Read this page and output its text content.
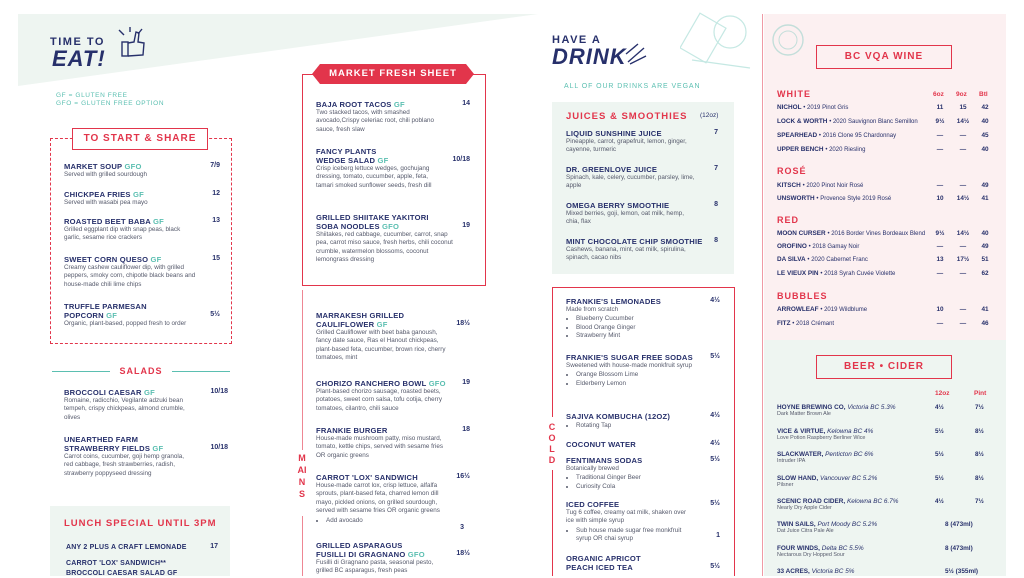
TIME TO
EAT!
GF = GLUTEN FREE
GFO = GLUTEN FREE OPTION
TO START & SHARE
MARKET SOUP GFO
Served with grilled sourdough
7/9
CHICKPEA FRIES GF
Served with wasabi pea mayo
12
ROASTED BEET BABA GF
Grilled eggplant dip with snap peas, black garlic, sesame rice crackers
13
SWEET CORN QUESO GF
Creamy cashew cauliflower dip, with grilled peppers, smoky corn, chipotle black beans and house-made chili lime chips
15
TRUFFLE PARMESAN
POPCORN GF
Organic, plant-based, popped fresh to order
5½
SALADS
BROCCOLI CAESAR GF
Romaine, radicchio, Vegilante adzuki bean tempeh, crispy chickpeas, almond crumble, olives
10/18
UNEARTHED FARM
STRAWBERRY FIELDS GF
Carrot coins, cucumber, goji hemp granola, red cabbage, fresh strawberries, radish, strawberry poppyseed dressing
10/18
LUNCH SPECIAL UNTIL 3PM
ANY 2 PLUS A CRAFT LEMONADE	17
CARROT 'LOX' SANDWICH**
BROCCOLI CAESAR SALAD GF
MARKET FRESH SHEET
BAJA ROOT TACOS GF
Two stacked tacos, with smashed avocado,Crispy celeriac root, chili poblano sauce, fresh slaw
14
FANCY PLANTS
WEDGE SALAD GF
Crisp iceberg lettuce wedges, gochujang dressing, tomato, cucumber, apple, feta, tamari smoked sunflower seeds, fresh dill
10/18
GRILLED SHIITAKE YAKITORI
SOBA NOODLES GFO
Shiitakes, red cabbage, cucumber, carrot, snap pea, carrot miso sauce, fresh herbs, chili coconut crumble, watermelon blossoms, coconut lemongrass dressing
19
MAINS
MARRAKESH GRILLED
CAULIFLOWER GF
Grilled Cauliflower with beet baba ganoush, fancy date sauce, Ras el Hanout chickpeas, plant-based feta, cucumber, brown rice, cherry tomatoes, mint
18½
CHORIZO RANCHERO BOWL GFO
Plant-based chorizo sausage, roasted beets, potatoes, sweet corn salsa, tofu cotija, cherry tomatoes, cilantro, chili sauce
19
FRANKIE BURGER
House-made mushroom patty, miso mustard, tomato, kettle chips, served with sesame fries OR organic greens
18
CARROT 'LOX' SANDWICH
House-made carrot lox, crisp lettuce, alfalfa sprouts, plant-based feta, charred lemon dill mayo, pickled onions, on grilled sourdough, served with sesame fries OR organic greens
• Add avocado
16½
3
GRILLED ASPARAGUS
FUSILLI DI GRAGNANO GFO
Fusilli di Gragnano pasta, seasonal pesto, grilled BC asparagus, fresh peas
18½
HAVE A
DRINK
ALL OF OUR DRINKS ARE VEGAN
JUICES & SMOOTHIES (12oz)
LIQUID SUNSHINE JUICE
Pineapple, carrot, grapefruit, lemon, ginger, cayenne, turmeric
7
DR. GREENLOVE JUICE
Spinach, kale, celery, cucumber, parsley, lime, apple
7
OMEGA BERRY SMOOTHIE
Mixed berries, goji, lemon, oat milk, hemp, chia, flax
8
MINT CHOCOLATE CHIP SMOOTHIE
Cashews, banana, mint, oat milk, spirulina, spinach, cacao nibs
8
COLD
FRANKIE'S LEMONADES
Made from scratch
• Blueberry Cucumber
• Blood Orange Ginger
• Strawberry Mint
4½
FRANKIE'S SUGAR FREE SODAS
Sweetened with house-made monkfruit syrup
• Orange Blossom Lime
• Elderberry Lemon
5½
SAJIVA KOMBUCHA (12OZ)
• Rotating Tap
4½
COCONUT WATER	4½
FENTIMANS SODAS
Botanically brewed
• Traditional Ginger Beer
• Curiosity Cola
5½
ICED COFFEE
Tug 6 coffee, creamy oat milk, shaken over ice with simple syrup
• Sub house made sugar free monkfruit syrup OR chai syrup
5½
1
ORGANIC APRICOT
PEACH ICED TEA	5½
BC VQA WINE
6oz 9oz Btl
WHITE
NICHOL • 2019 Pinot Gris	11	15	42
LOCK & WORTH • 2020 Sauvignon Blanc Semillon	9½	14½	40
SPEARHEAD • 2016 Clone 95 Chardonnay	—	—	45
UPPER BENCH • 2020 Riesling	—	—	40
ROSÉ
KITSCH • 2020 Pinot Noir Rosé	—	—	49
UNSWORTH • Provence Style 2019 Rosé	10	14½	41
RED
MOON CURSER • 2016 Border Vines Bordeaux Blend	9½	14½	40
OROFINO • 2018 Gamay Noir	—	—	49
DA SILVA • 2020 Cabernet Franc	13	17½	51
LE VIEUX PIN • 2018 Syrah Cuvée Violette	—	—	62
BUBBLES
ARROWLEAF • 2019 Wildblume	10	—	41
FITZ • 2018 Crémant	—	—	46
BEER • CIDER
12oz	Pint
HOYNE BREWING CO, Victoria BC 5.3%
Dark Matter Brown Ale
4½	7½
VICE & VIRTUE, Kelowna BC 4%
Love Potion Raspberry Berliner Wice
5½	8½
SLACKWATER, Penticton BC 6%
Intruder IPA
5½	8½
SLOW HAND, Vancouver BC 5.2%
Pilsner
5½	8½
SCENIC ROAD CIDER, Kelowna BC 6.7%
Nearly Dry Apple Cider
4½	7½
TWIN SAILS, Port Moody BC 5.2%
Dat Juice Citra Pale Ale
8 (473ml)
FOUR WINDS, Delta BC 5.5%
Nectarous Dry Hopped Sour
8 (473ml)
33 ACRES, Victoria BC 5%	5½ (355ml)
